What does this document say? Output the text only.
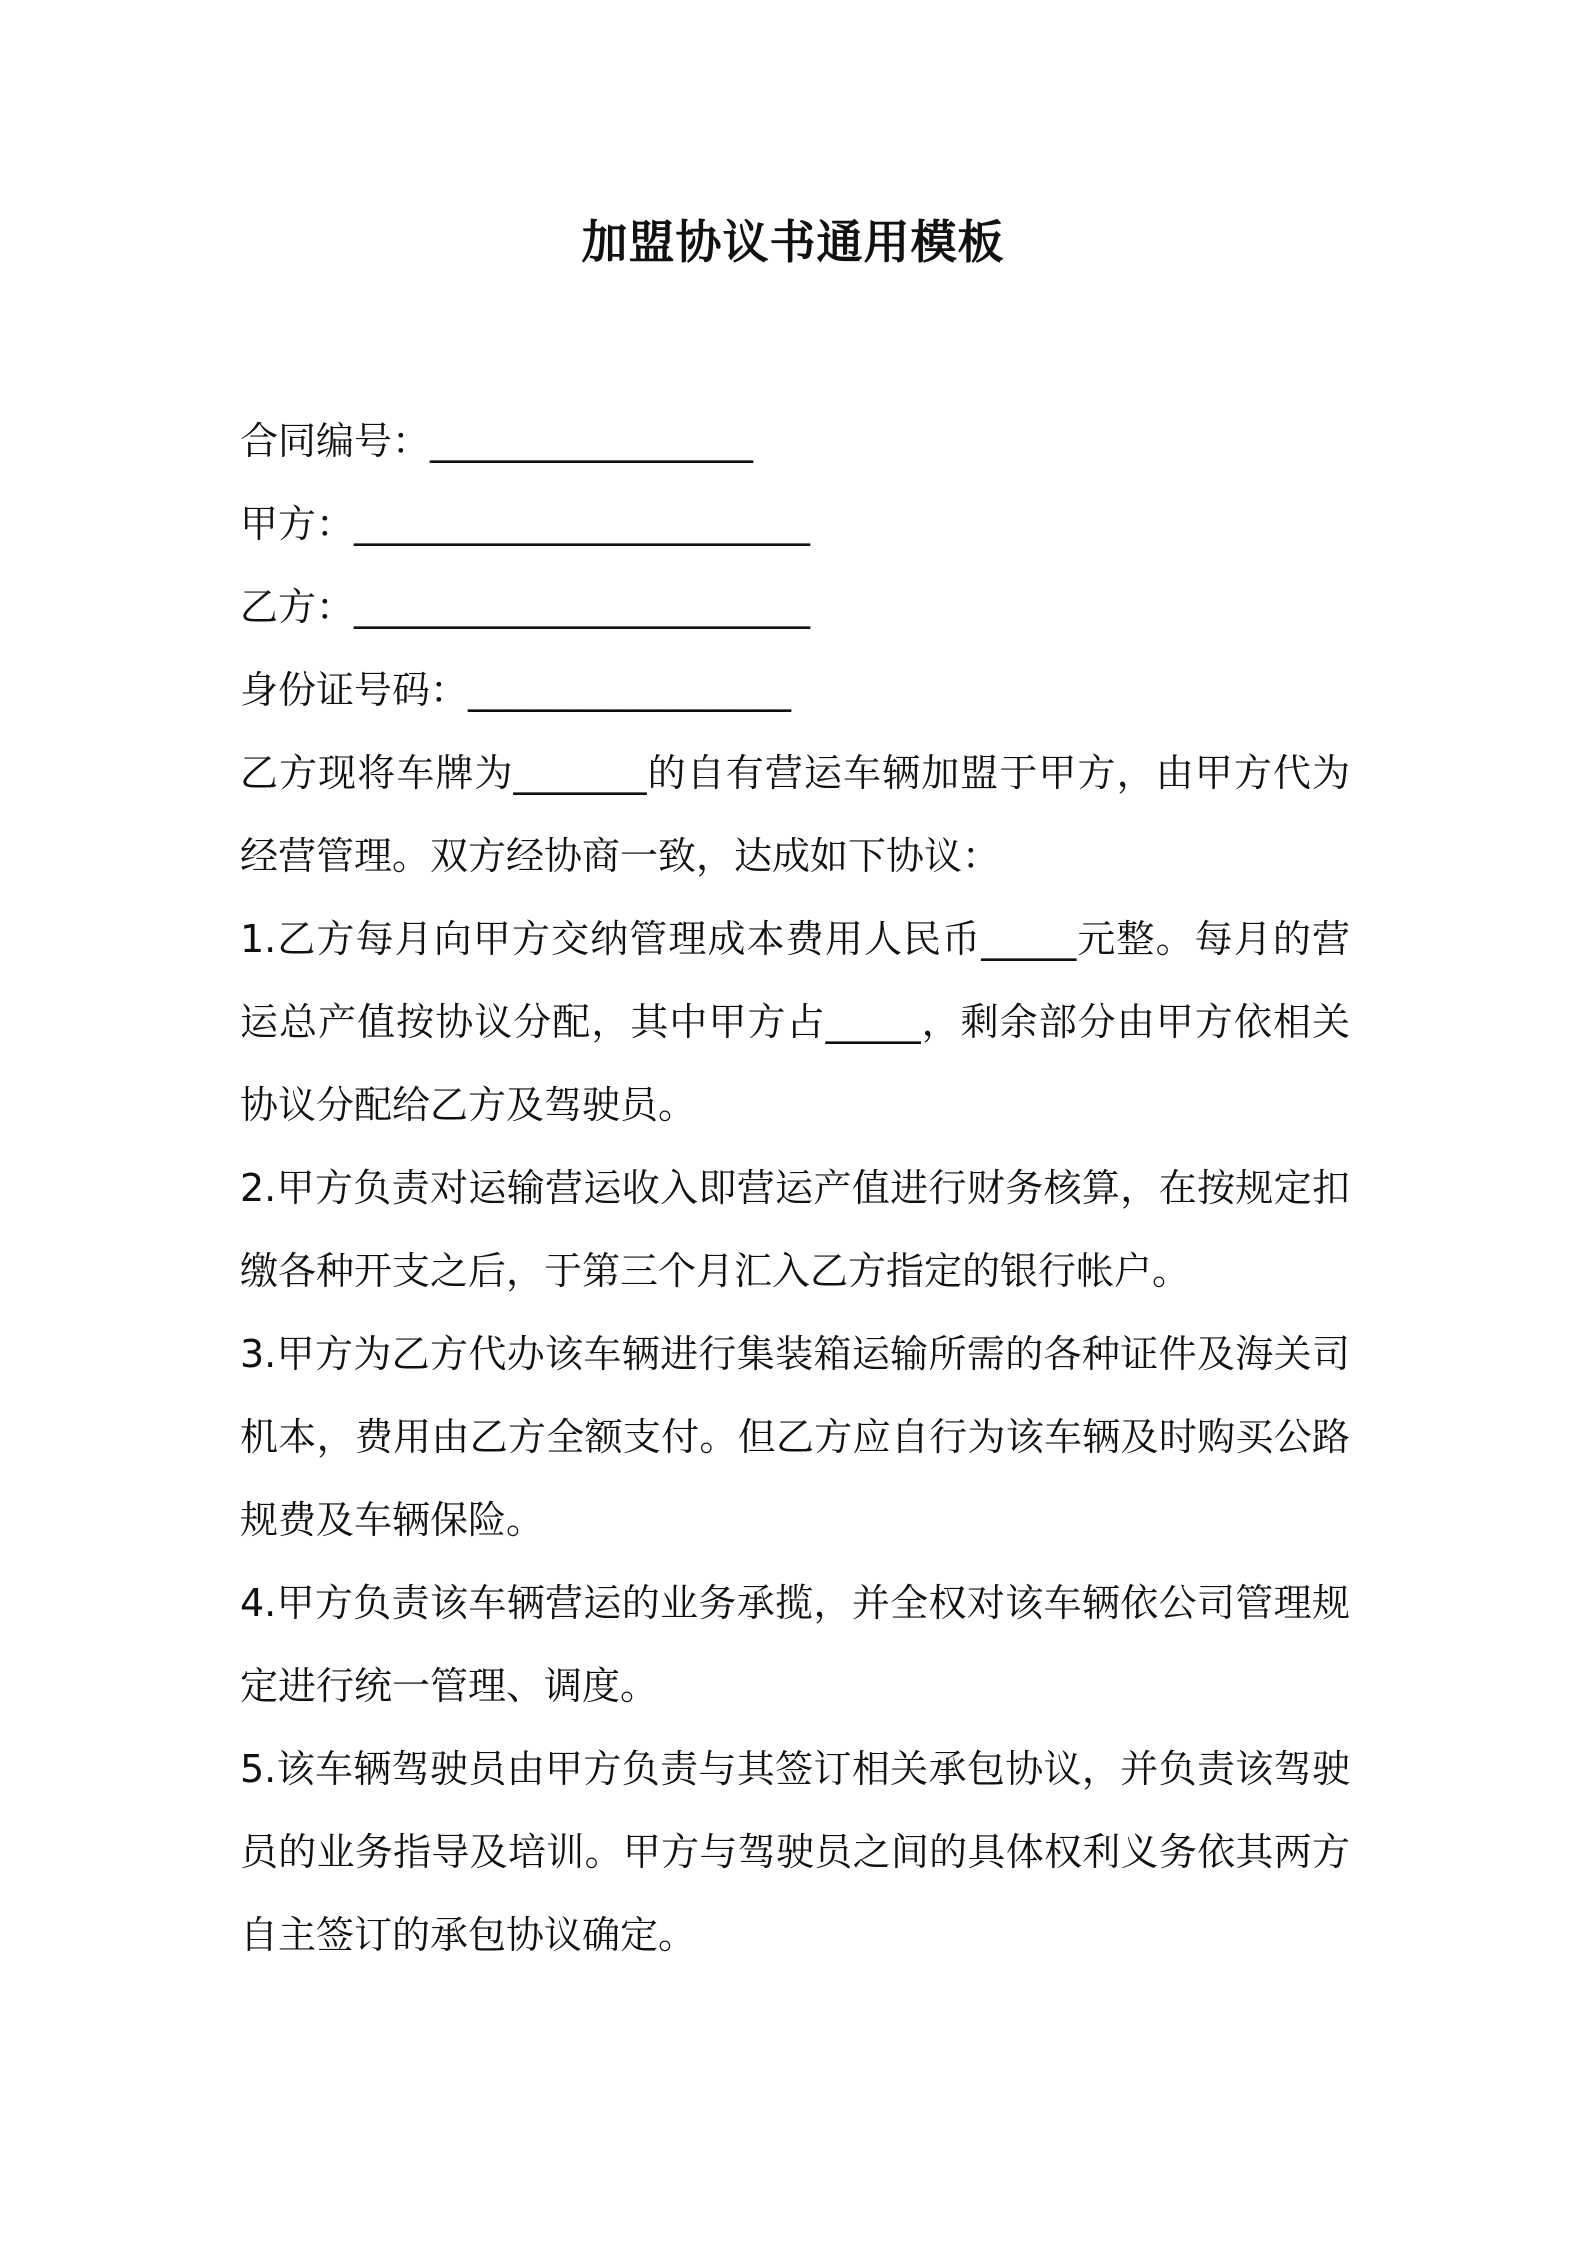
加盟协议书通用模板
合同编号：_________________
甲方：________________________
乙方：________________________
身份证号码：_________________
乙方现将车牌为_______的自有营运车辆加盟于甲方，由甲方代为经营管理。双方经协商一致，达成如下协议：
1.乙方每月向甲方交纳管理成本费用人民币_____元整。每月的营运总产值按协议分配，其中甲方占_____，剩余部分由甲方依相关协议分配给乙方及驾驶员。
2.甲方负责对运输营运收入即营运产值进行财务核算，在按规定扣缴各种开支之后，于第三个月汇入乙方指定的银行帐户。
3.甲方为乙方代办该车辆进行集装箱运输所需的各种证件及海关司机本，费用由乙方全额支付。但乙方应自行为该车辆及时购买公路规费及车辆保险。
4.甲方负责该车辆营运的业务承揽，并全权对该车辆依公司管理规定进行统一管理、调度。
5.该车辆驾驶员由甲方负责与其签订相关承包协议，并负责该驾驶员的业务指导及培训。甲方与驾驶员之间的具体权利义务依其两方自主签订的承包协议确定。
